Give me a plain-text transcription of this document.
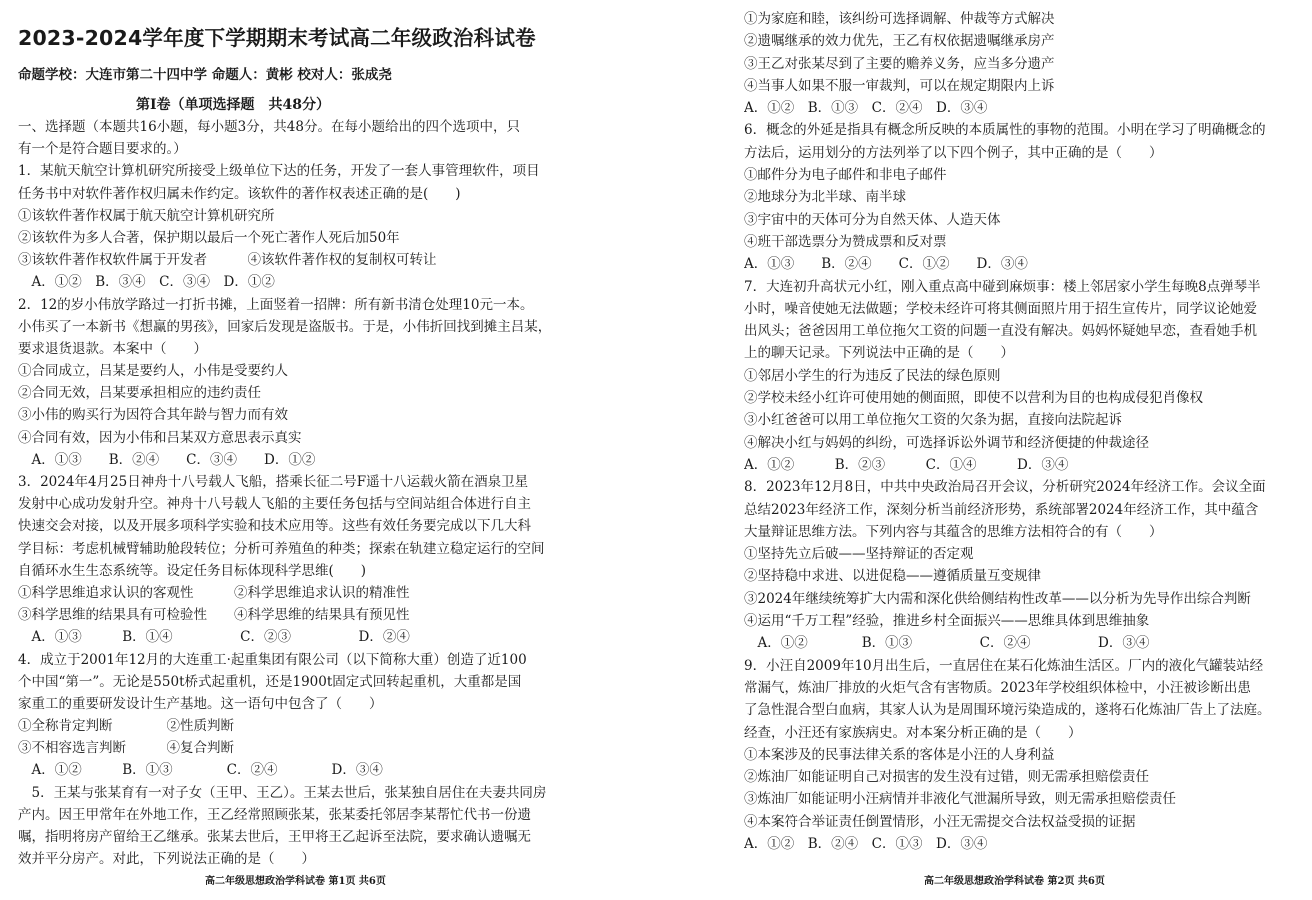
2023-2024学年度下学期期末考试高二年级政治科试卷
命题学校：大连市第二十四中学 命题人：黄彬 校对人：张成尧
第Ⅰ卷（单项选择题　共48分）
一、选择题（本题共16小题，每小题3分，共48分。在每小题给出的四个选项中，只
有一个是符合题目要求的。）
1．某航天航空计算机研究所接受上级单位下达的任务，开发了一套人事管理软件，项目
任务书中对软件著作权归属未作约定。该软件的著作权表述正确的是(　　)
①该软件著作权属于航天航空计算机研究所
②该软件为多人合著，保护期以最后一个死亡著作人死后加50年
③该软件著作权软件属于开发者　　　④该软件著作权的复制权可转让
　A．①②　B．③④　C．③④　D．①②
2．12的岁小伟放学路过一打折书摊，上面竖着一招牌：所有新书清仓处理10元一本。
小伟买了一本新书《想赢的男孩》，回家后发现是盗版书。于是，小伟折回找到摊主吕某，
要求退货退款。本案中（　　）
①合同成立，吕某是要约人，小伟是受要约人
②合同无效，吕某要承担相应的违约责任
③小伟的购买行为因符合其年龄与智力而有效
④合同有效，因为小伟和吕某双方意思表示真实
　A．①③　　B．②④　　C．③④　　D．①②
3．2024年4月25日神舟十八号载人飞船，搭乘长征二号F遥十八运载火箭在酒泉卫星
发射中心成功发射升空。神舟十八号载人飞船的主要任务包括与空间站组合体进行自主
快速交会对接，以及开展多项科学实验和技术应用等。这些有效任务要完成以下几大科
学目标：考虑机械臂辅助舱段转位；分析可养殖鱼的种类；探索在轨建立稳定运行的空间
自循环水生生态系统等。设定任务目标体现科学思维(　　)
①科学思维追求认识的客观性　　　②科学思维追求认识的精准性
③科学思维的结果具有可检验性　　④科学思维的结果具有预见性
　A．①③　　　B．①④　　　　　C．②③　　　　　D．②④
4．成立于2001年12月的大连重工·起重集团有限公司（以下简称大重）创造了近100
个中国“第一”。无论是550t桥式起重机，还是1900t固定式回转起重机，大重都是国
家重工的重要研发设计生产基地。这一语句中包含了（　　）
①全称肯定判断　　　　②性质判断
③不相容选言判断　　　④复合判断
　A．①②　　　B．①③　　　　C．②④　　　　D．③④
　5．王某与张某育有一对子女（王甲、王乙）。王某去世后，张某独自居住在夫妻共同房
产内。因王甲常年在外地工作，王乙经常照顾张某，张某委托邻居李某帮忙代书一份遗
嘱，指明将房产留给王乙继承。张某去世后，王甲将王乙起诉至法院，要求确认遗嘱无
效并平分房产。对此，下列说法正确的是（　　）
高二年级思想政治学科试卷 第1页 共6页
①为家庭和睦，该纠纷可选择调解、仲裁等方式解决
②遗嘱继承的效力优先，王乙有权依据遗嘱继承房产
③王乙对张某尽到了主要的赡养义务，应当多分遗产
④当事人如果不服一审裁判，可以在规定期限内上诉
A．①②　B．①③　C．②④　D．③④
6．概念的外延是指具有概念所反映的本质属性的事物的范围。小明在学习了明确概念的
方法后，运用划分的方法列举了以下四个例子，其中正确的是（　　）
①邮件分为电子邮件和非电子邮件
②地球分为北半球、南半球
③宇宙中的天体可分为自然天体、人造天体
④班干部选票分为赞成票和反对票
A．①③　　B．②④　　C．①②　　D．③④
7．大连初升高状元小红，刚入重点高中碰到麻烦事：楼上邻居家小学生每晚8点弹琴半
小时，噪音使她无法做题；学校未经许可将其侧面照片用于招生宣传片，同学议论她爱
出风头；爸爸因用工单位拖欠工资的问题一直没有解决。妈妈怀疑她早恋，查看她手机
上的聊天记录。下列说法中正确的是（　　）
①邻居小学生的行为违反了民法的绿色原则
②学校未经小红许可使用她的侧面照，即使不以营利为目的也构成侵犯肖像权
③小红爸爸可以用工单位拖欠工资的欠条为据，直接向法院起诉
④解决小红与妈妈的纠纷，可选择诉讼外调节和经济便捷的仲裁途径
A．①②　　　B．②③　　　C．①④　　　D．③④
8．2023年12月8日，中共中央政治局召开会议，分析研究2024年经济工作。会议全面
总结2023年经济工作，深刻分析当前经济形势，系统部署2024年经济工作，其中蕴含
大量辩证思维方法。下列内容与其蕴含的思维方法相符合的有（　　）
①坚持先立后破——坚持辩证的否定观
②坚持稳中求进、以进促稳——遵循质量互变规律
③2024年继续统筹扩大内需和深化供给侧结构性改革——以分析为先导作出综合判断
④运用“千万工程”经验，推进乡村全面振兴——思维具体到思维抽象
　A．①②　　　　B．①③　　　　　C．②④　　　　　D．③④
9．小汪自2009年10月出生后，一直居住在某石化炼油生活区。厂内的液化气罐装站经
常漏气，炼油厂排放的火炬气含有害物质。2023年学校组织体检中，小汪被诊断出患
了急性混合型白血病，其家人认为是周围环境污染造成的，遂将石化炼油厂告上了法庭。
经查，小汪还有家族病史。对本案分析正确的是（　　）
①本案涉及的民事法律关系的客体是小汪的人身利益
②炼油厂如能证明自己对损害的发生没有过错，则无需承担赔偿责任
③炼油厂如能证明小汪病情并非液化气泄漏所导致，则无需承担赔偿责任
④本案符合举证责任倒置情形，小汪无需提交合法权益受损的证据
A．①②　B．②④　C．①③　D．③④
高二年级思想政治学科试卷 第2页 共6页
